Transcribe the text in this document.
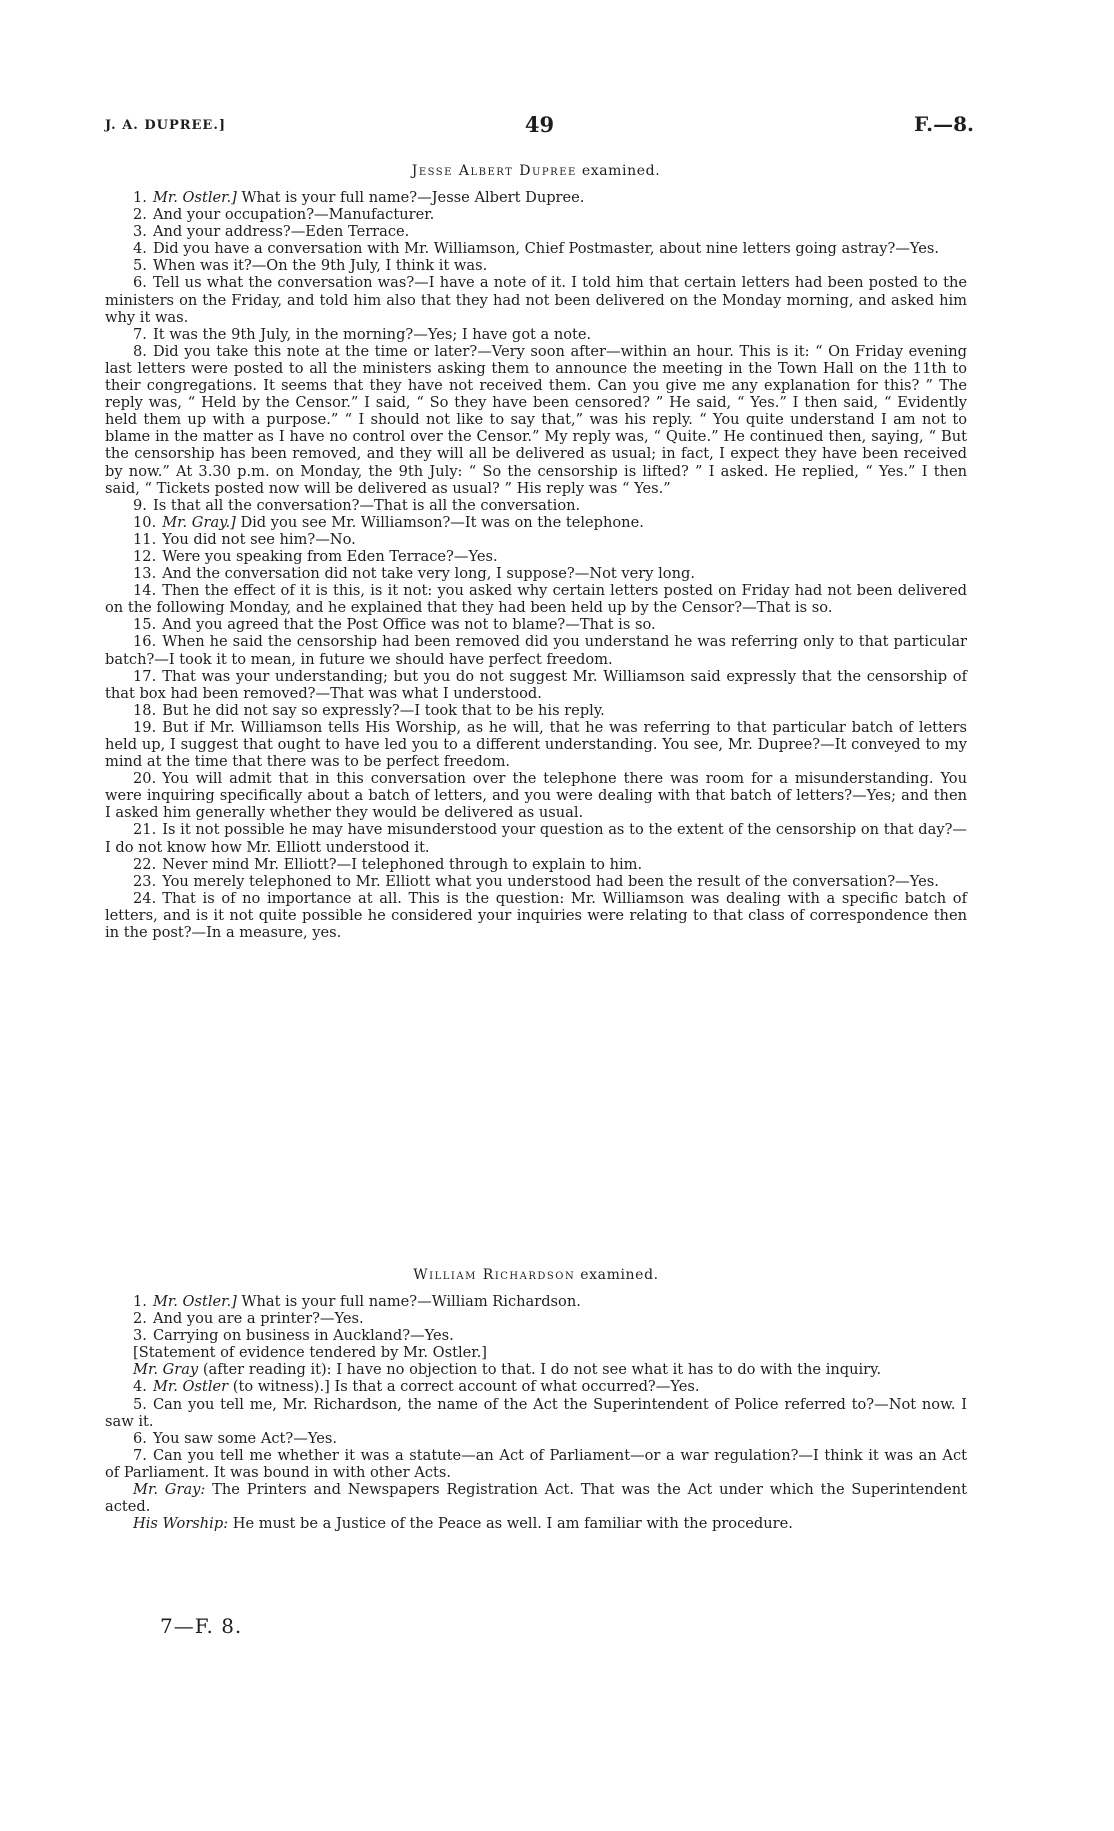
J. A. DUPREE.]	49	F.—8.

Jesse Albert Dupree examined.

1. Mr. Ostler.] What is your full name?—Jesse Albert Dupree.

2. And your occupation?—Manufacturer.

3. And your address?—Eden Terrace.

4. Did you have a conversation with Mr. Williamson, Chief Postmaster, about nine letters going astray?—Yes.

5. When was it?—On the 9th July, I think it was.

6. Tell us what the conversation was?—I have a note of it. I told him that certain letters had been posted to the ministers on the Friday, and told him also that they had not been delivered on the Monday morning, and asked him why it was.

7. It was the 9th July, in the morning?—Yes; I have got a note.

8. Did you take this note at the time or later?—Very soon after—within an hour. This is it: “ On Friday evening last letters were posted to all the ministers asking them to announce the meeting in the Town Hall on the 11th to their congregations. It seems that they have not received them. Can you give me any explanation for this? ” The reply was, “ Held by the Censor.” I said, “ So they have been censored? ” He said, “ Yes.” I then said, “ Evidently held them up with a purpose.” “ I should not like to say that,” was his reply. “ You quite understand I am not to blame in the matter as I have no control over the Censor.” My reply was, “ Quite.” He continued then, saying, “ But the censorship has been removed, and they will all be delivered as usual; in fact, I expect they have been received by now.” At 3.30 p.m. on Monday, the 9th July: “ So the censorship is lifted? ” I asked. He replied, “ Yes.” I then said, “ Tickets posted now will be delivered as usual? ” His reply was “ Yes.”

9. Is that all the conversation?—That is all the conversation.

10. Mr. Gray.] Did you see Mr. Williamson?—It was on the telephone.

11. You did not see him?—No.

12. Were you speaking from Eden Terrace?—Yes.

13. And the conversation did not take very long, I suppose?—Not very long.

14. Then the effect of it is this, is it not: you asked why certain letters posted on Friday had not been delivered on the following Monday, and he explained that they had been held up by the Censor?—That is so.

15. And you agreed that the Post Office was not to blame?—That is so.

16. When he said the censorship had been removed did you understand he was referring only to that particular batch?—I took it to mean, in future we should have perfect freedom.

17. That was your understanding; but you do not suggest Mr. Williamson said expressly that the censorship of that box had been removed?—That was what I understood.

18. But he did not say so expressly?—I took that to be his reply.

19. But if Mr. Williamson tells His Worship, as he will, that he was referring to that particular batch of letters held up, I suggest that ought to have led you to a different understanding. You see, Mr. Dupree?—It conveyed to my mind at the time that there was to be perfect freedom.

20. You will admit that in this conversation over the telephone there was room for a misunderstanding. You were inquiring specifically about a batch of letters, and you were dealing with that batch of letters?—Yes; and then I asked him generally whether they would be delivered as usual.

21. Is it not possible he may have misunderstood your question as to the extent of the censorship on that day?—I do not know how Mr. Elliott understood it.

22. Never mind Mr. Elliott?—I telephoned through to explain to him.

23. You merely telephoned to Mr. Elliott what you understood had been the result of the conversation?—Yes.

24. That is of no importance at all. This is the question: Mr. Williamson was dealing with a specific batch of letters, and is it not quite possible he considered your inquiries were relating to that class of correspondence then in the post?—In a measure, yes.

William Richardson examined.

1. Mr. Ostler.] What is your full name?—William Richardson.

2. And you are a printer?—Yes.

3. Carrying on business in Auckland?—Yes.

[Statement of evidence tendered by Mr. Ostler.]

Mr. Gray (after reading it): I have no objection to that. I do not see what it has to do with the inquiry.

4. Mr. Ostler (to witness).] Is that a correct account of what occurred?—Yes.

5. Can you tell me, Mr. Richardson, the name of the Act the Superintendent of Police referred to?—Not now. I saw it.

6. You saw some Act?—Yes.

7. Can you tell me whether it was a statute—an Act of Parliament—or a war regulation?—I think it was an Act of Parliament. It was bound in with other Acts.

Mr. Gray: The Printers and Newspapers Registration Act. That was the Act under which the Superintendent acted.

His Worship: He must be a Justice of the Peace as well. I am familiar with the procedure.

7—F. 8.
